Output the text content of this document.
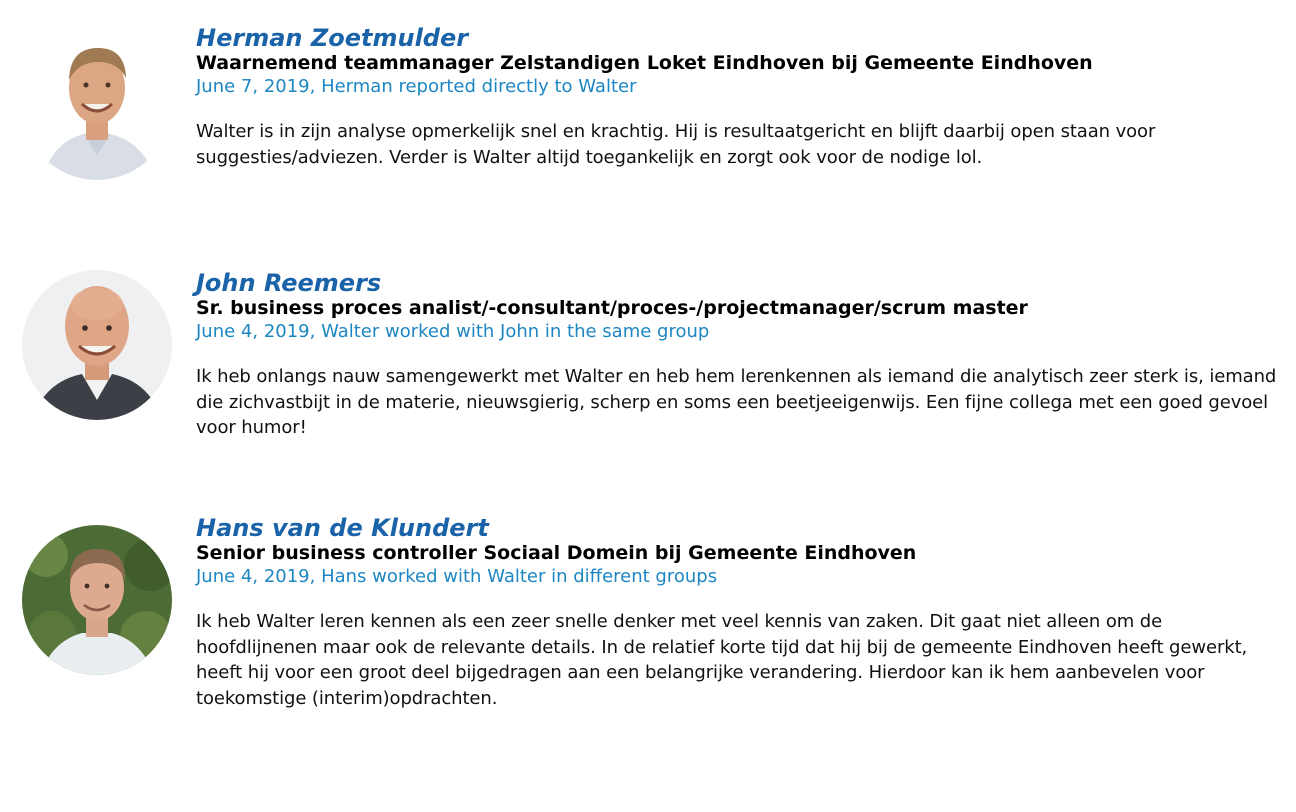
Herman Zoetmulder

Waarnemend teammanager Zelstandigen Loket Eindhoven bij Gemeente Eindhoven

June 7, 2019, Herman reported directly to Walter

Walter is in zijn analyse opmerkelijk snel en krachtig. Hij is resultaatgericht en blijft daarbij open staan voor suggesties/adviezen. Verder is Walter altijd toegankelijk en zorgt ook voor de nodige lol.

John Reemers

Sr. business proces analist/-consultant/proces-/projectmanager/scrum master

June 4, 2019, Walter worked with John in the same group

Ik heb onlangs nauw samengewerkt met Walter en heb hem lerenkennen als iemand die analytisch zeer sterk is, iemand die zichvastbijt in de materie, nieuwsgierig, scherp en soms een beetjeeigenwijs. Een fijne collega met een goed gevoel voor humor!

Hans van de Klundert

Senior business controller Sociaal Domein bij Gemeente Eindhoven

June 4, 2019, Hans worked with Walter in different groups

Ik heb Walter leren kennen als een zeer snelle denker met veel kennis van zaken. Dit gaat niet alleen om de hoofdlijnenen maar ook de relevante details. In de relatief korte tijd dat hij bij de gemeente Eindhoven heeft gewerkt, heeft hij voor een groot deel bijgedragen aan een belangrijke verandering. Hierdoor kan ik hem aanbevelen voor toekomstige (interim)opdrachten.
